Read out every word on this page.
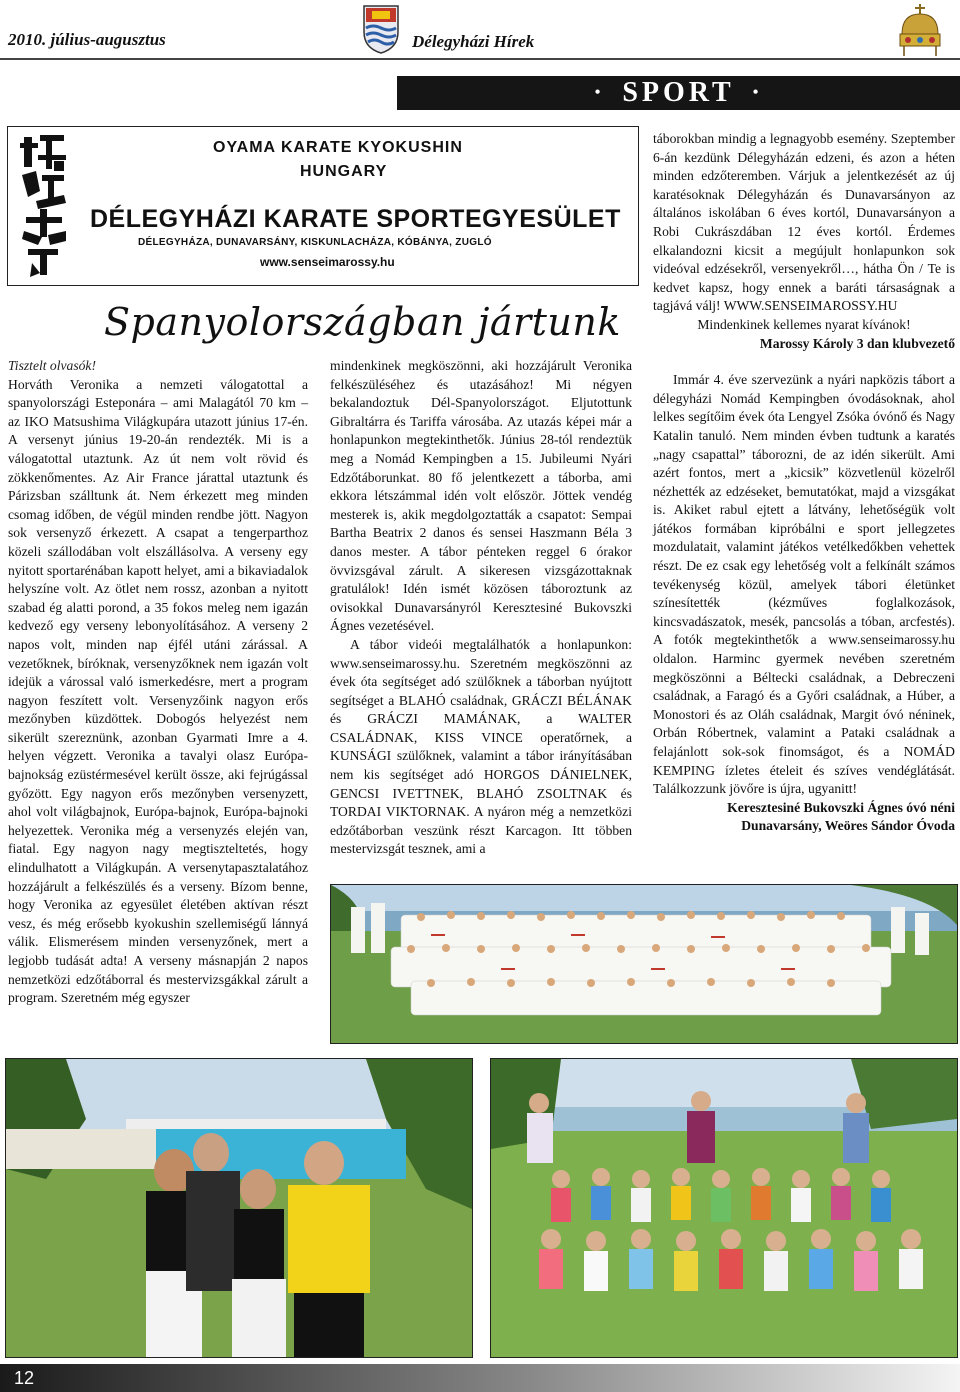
2010. július-augusztus	Délegyházi Hírek
• SPORT •
OYAMA KARATE KYOKUSHIN
HUNGARY
DÉLEGYHÁZI KARATE SPORTEGYESÜLET
DÉLEGYHÁZA, DUNAVARSÁNY, KISKUNLACHÁZA, KÓBÁNYA, ZUGLÓ
www.senseimarossy.hu
Spanyolországban jártunk

Tisztelt olvasók!

Horváth Veronika a nemzeti válogatottal a spanyolországi Esteponára – ami Malagától 70 km – az IKO Matsushima Világkupára utazott június 17-én. A versenyt június 19-20-án rendezték. Mi is a válogatottal utaztunk. Az út nem volt rövid és zökkenőmentes. Az Air France járattal utaztunk és Párizsban szálltunk át. Nem érkezett meg minden csomag időben, de végül minden rendbe jött. Nagyon sok versenyző érkezett. A csapat a tengerparthoz közeli szállodában volt elszállásolva. A verseny egy nyitott sportarénában kapott helyet, ami a bikaviadalok helyszíne volt. Az ötlet nem rossz, azonban a nyitott szabad ég alatti porond, a 35 fokos meleg nem igazán kedvező egy verseny lebonyolításához. A verseny 2 napos volt, minden nap éjfél utáni zárással. A vezetőknek, bíróknak, versenyzőknek nem igazán volt idejük a várossal való ismerkedésre, mert a program nagyon feszített volt. Versenyzőink nagyon erős mezőnyben küzdöttek. Dobogós helyezést nem sikerült szereznünk, azonban Gyarmati Imre a 4. helyen végzett. Veronika a tavalyi olasz Európa-bajnokság ezüstérmesével került össze, aki fejrúgással győzött. Egy nagyon erős mezőnyben versenyzett, ahol volt világbajnok, Európa-bajnok, Európa-bajnoki helyezettek. Veronika még a versenyzés elején van, fiatal. Egy nagyon nagy megtiszteltetés, hogy elindulhatott a Világkupán. A versenytapasztalatához hozzájárult a felkészülés és a verseny. Bízom benne, hogy Veronika az egyesület életében aktívan részt vesz, és még erősebb kyokushin szellemiségű lánnyá válik. Elismerésem minden versenyzőnek, mert a legjobb tudását adta! A verseny másnapján 2 napos nemzetközi edzőtáborral és mestervizsgákkal zárult a program. Szeretném még egyszer

mindenkinek megköszönni, aki hozzájárult Veronika felkészüléséhez és utazásához! Mi négyen bekalandoztuk Dél-Spanyolországot. Eljutottunk Gibraltárra és Tariffa városába. Az utazás képei már a honlapunkon megtekinthetők. Június 28-tól rendeztük meg a Nomád Kempingben a 15. Jubileumi Nyári Edzőtáborunkat. 80 fő jelentkezett a táborba, ami ekkora létszámmal idén volt először. Jöttek vendég mesterek is, akik megdolgoztatták a csapatot: Sempai Bartha Beatrix 2 danos és sensei Haszmann Béla 3 danos mester. A tábor pénteken reggel 6 órakor övvizsgával zárult. A sikeresen vizsgázottaknak gratulálok! Idén ismét közösen táboroztunk az ovisokkal Dunavarsányról Keresztesiné Bukovszki Ágnes vezetésével.

A tábor videói megtalálhatók a honlapunkon: www.senseimarossy.hu. Szeretném megköszönni az évek óta segítséget adó szülőknek a táborban nyújtott segítséget a BLAHÓ családnak, GRÁCZI BÉLÁNAK és GRÁCZI MAMÁNAK, a WALTER CSALÁDNAK, KISS VINCE operatőrnek, a KUNSÁGI szülőknek, valamint a tábor irányításában nem kis segítséget adó HORGOS DÁNIELNEK, GENCSI IVETTNEK, BLAHÓ ZSOLTNAK és TORDAI VIKTORNAK. A nyáron még a nemzetközi edzőtáborban veszünk részt Karcagon. Itt többen mestervizsgát tesznek, ami a

táborokban mindig a legnagyobb esemény. Szeptember 6-án kezdünk Délegyházán edzeni, és azon a héten minden edzőteremben. Várjuk a jelentkezését az új karatésoknak Délegyházán és Dunavarsányon az általános iskolában 6 éves kortól, Dunavarsányon a Robi Cukrászdában 12 éves kortól. Érdemes elkalandozni kicsit a megújult honlapunkon sok videóval edzésekről, versenyekről…, hátha Ön / Te is kedvet kapsz, hogy ennek a baráti társaságnak a tagjává válj! WWW.SENSEIMAROSSY.HU

Mindenkinek kellemes nyarat kívánok!

Marossy Károly 3 dan klubvezető

Immár 4. éve szervezünk a nyári napközis tábort a délegyházi Nomád Kempingben óvodásoknak, ahol lelkes segítőim évek óta Lengyel Zsóka óvónő és Nagy Katalin tanuló. Nem minden évben tudtunk a karatés „nagy csapattal” táborozni, de az idén sikerült. Ami azért fontos, mert a „kicsik” közvetlenül közelről nézhették az edzéseket, bemutatókat, majd a vizsgákat is. Akiket rabul ejtett a látvány, lehetőségük volt játékos formában kipróbálni e sport jellegzetes mozdulatait, valamint játékos vetélkedőkben vehettek részt. De ez csak egy lehetőség volt a felkínált számos tevékenység közül, amelyek tábori életünket színesítették (kézműves foglalkozások, kincsvadászatok, mesék, pancsolás a tóban, arcfestés). A fotók megtekinthetők a www.senseimarossy.hu oldalon. Harminc gyermek nevében szeretném megköszönni a Béltecki családnak, a Debreczeni családnak, a Faragó és a Győri családnak, a Húber, a Monostori és az Oláh családnak, Margit óvó néninek, Orbán Róbertnek, valamint a Pataki családnak a felajánlott sok-sok finomságot, és a NOMÁD KEMPING ízletes ételeit és szíves vendéglátását. Találkozzunk jövőre is újra, ugyanitt!

Keresztesiné Bukovszki Ágnes óvó néni

Dunavarsány, Weöres Sándor Óvoda

12
